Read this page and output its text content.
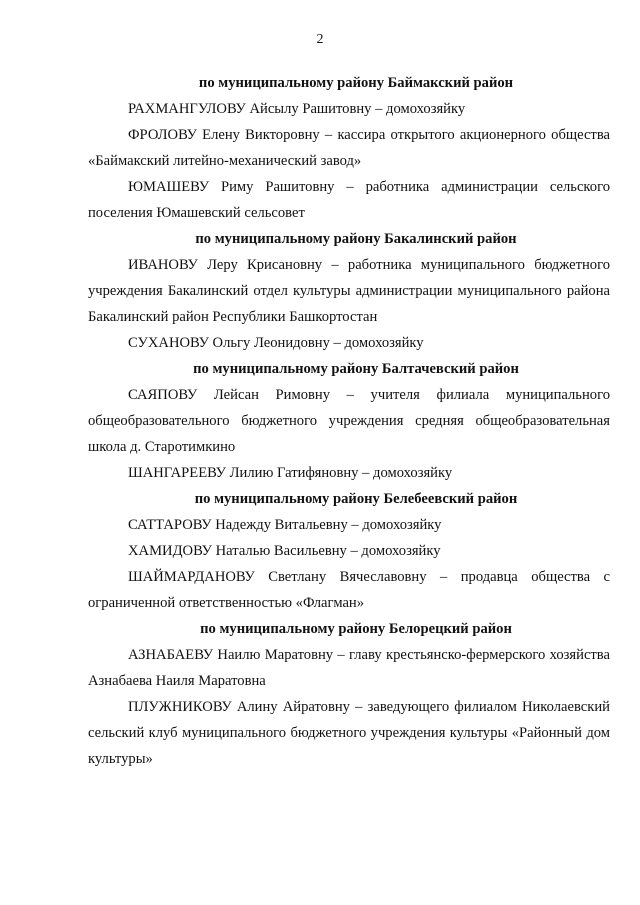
2

по муниципальному району Баймакский район

РАХМАНГУЛОВУ Айсылу Рашитовну – домохозяйку

ФРОЛОВУ Елену Викторовну – кассира открытого акционерного общества «Баймакский литейно-механический завод»

ЮМАШЕВУ Риму Рашитовну – работника администрации сельского поселения Юмашевский сельсовет

по муниципальному району Бакалинский район

ИВАНОВУ Леру Крисановну – работника муниципального бюджетного учреждения Бакалинский отдел культуры администрации муниципального района Бакалинский район Республики Башкортостан

СУХАНОВУ Ольгу Леонидовну – домохозяйку

по муниципальному району Балтачевский район

САЯПОВУ Лейсан Римовну – учителя филиала муниципального общеобразовательного бюджетного учреждения средняя общеобразовательная школа д. Старотимкино

ШАНГАРЕЕВУ Лилию Гатифяновну – домохозяйку

по муниципальному району Белебеевский район

САТТАРОВУ Надежду Витальевну – домохозяйку

ХАМИДОВУ Наталью Васильевну – домохозяйку

ШАЙМАРДАНОВУ Светлану Вячеславовну – продавца общества с ограниченной ответственностью «Флагман»

по муниципальному району Белорецкий район

АЗНАБАЕВУ Наилю Маратовну – главу крестьянско-фермерского хозяйства Азнабаева Наиля Маратовна

ПЛУЖНИКОВУ Алину Айратовну – заведующего филиалом Николаевский сельский клуб муниципального бюджетного учреждения культуры «Районный дом культуры»
